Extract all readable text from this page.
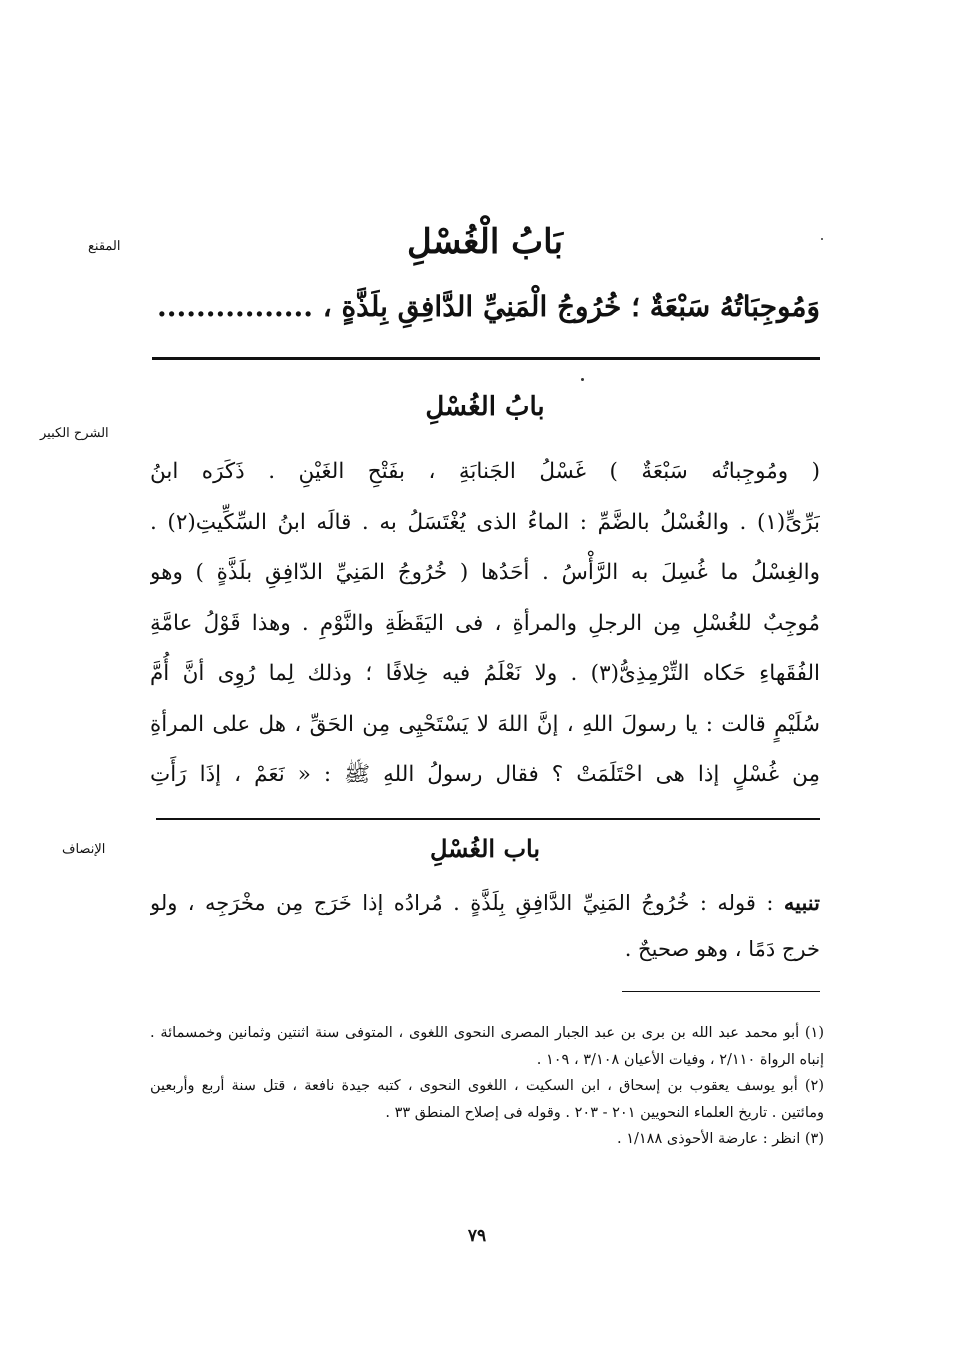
المقنع
الشرح الكبير
الإنصاف
بَابُ الْغُسْلِ
وَمُوجِبَاتُهُ سَبْعَةٌ ؛ خُرُوجُ الْمَنِيِّ الدَّافِقِ بِلَذَّةٍ ، ................
بابُ الغُسْلِ
( ومُوجِباتُه سَبْعَةٌ ) غَسْلُ الجَنابَةِ ، بفَتْحِ الغَيْنِ . ذَكَرَه ابنُ
بَرِّىٍّ(١) . والغُسْلُ بالضَّمِّ : الماءُ الذى يُغْتَسَلُ به . قالَه ابنُ السِّكِّيتِ(٢) .
والغِسْلُ ما غُسِلَ به الرَّأْسُ . أحَدُها ( خُرُوجُ المَنِيِّ الدّافِقِ بلَذَّةٍ ) وهو
مُوجِبٌ للغُسْلِ مِن الرجلِ والمرأةِ ، فى اليَقَظَةِ والنَّوْمِ . وهذا قَوْلُ عامَّةِ
الفُقَهاءِ حَكاه التِّرْمِذِىُّ(٣) . ولا نَعْلَمُ فيه خِلافًا ؛ وذلك لِما رُوِى أنَّ أُمَّ
سُلَيْمٍ قالت : يا رسولَ اللهِ ، إنَّ اللهَ لا يَسْتَحْيِى مِن الحَقِّ ، هل على المرأةِ
مِن غُسْلٍ إذا هى احْتَلَمَتْ ؟ فقال رسولُ اللهِ ﷺ : « نَعَمْ ، إذَا رَأَتِ
باب الغُسْلِ
تنبيه : قوله : خُرُوجُ المَنِيِّ الدَّافِقِ بِلَذَّةٍ . مُرادُه إذا خَرَج مِن مخْرَجِه ، ولو
خرج دَمًا ، وهو صحيحٌ .
(١) أبو محمد عبد الله بن برى بن عبد الجبار المصرى النحوى اللغوى ، المتوفى سنة اثنتين وثمانين وخمسمائة .
إنباه الرواة ٢/١١٠ ، وفيات الأعيان ٣/١٠٨ ، ١٠٩ .
(٢) أبو يوسف يعقوب بن إسحاق ، ابن السكيت ، اللغوى النحوى ، كتبه جيدة نافعة ، قتل سنة أربع وأربعين
ومائتين . تاريخ العلماء النحويين ٢٠١ - ٢٠٣ . وقوله فى إصلاح المنطق ٣٣ .
(٣) انظر : عارضة الأحوذى ١/١٨٨ .
٧٩
